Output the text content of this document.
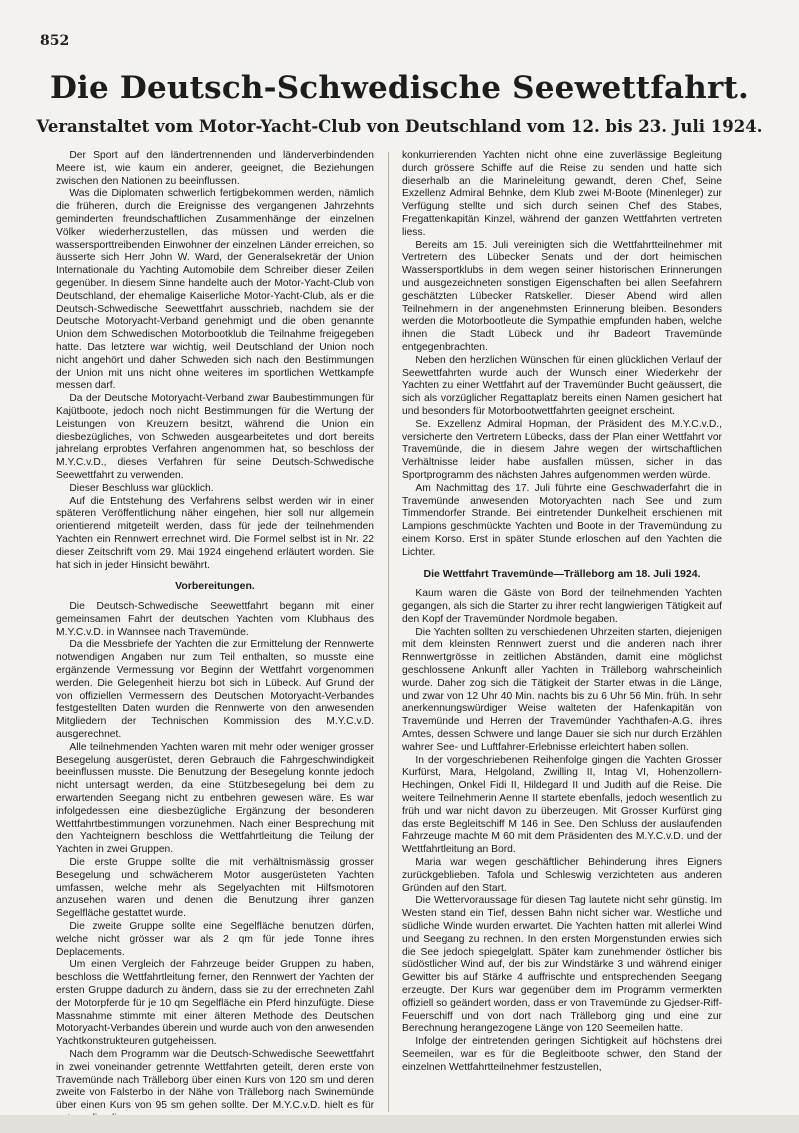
852
Die Deutsch-Schwedische Seewettfahrt.
Veranstaltet vom Motor-Yacht-Club von Deutschland vom 12. bis 23. Juli 1924.

Der Sport auf den ländertrennenden und länderverbindenden Meere ist, wie kaum ein anderer, geeignet, die Beziehungen zwischen den Nationen zu beeinflussen.

Was die Diplomaten schwerlich fertigbekommen werden, nämlich die früheren, durch die Ereignisse des vergangenen Jahrzehnts geminderten freundschaftlichen Zusammenhänge der einzelnen Völker wiederherzustellen, das müssen und werden die wassersporttreibenden Einwohner der einzelnen Länder erreichen, so äusserte sich Herr John W. Ward, der Generalsekretär der Union Internationale du Yachting Automobile dem Schreiber dieser Zeilen gegenüber. In diesem Sinne handelte auch der Motor-Yacht-Club von Deutschland, der ehemalige Kaiserliche Motor-Yacht-Club, als er die Deutsch-Schwedische Seewettfahrt ausschrieb, nachdem sie der Deutsche Motoryacht-Verband genehmigt und die oben genannte Union dem Schwedischen Motorbootklub die Teilnahme freigegeben hatte. Das letztere war wichtig, weil Deutschland der Union noch nicht angehört und daher Schweden sich nach den Bestimmungen der Union mit uns nicht ohne weiteres im sportlichen Wettkampfe messen darf.

Da der Deutsche Motoryacht-Verband zwar Baubestimmungen für Kajütboote, jedoch noch nicht Bestimmungen für die Wertung der Leistungen von Kreuzern besitzt, während die Union ein diesbezügliches, von Schweden ausgearbeitetes und dort bereits jahrelang erprobtes Verfahren angenommen hat, so beschloss der M.Y.C.v.D., dieses Verfahren für seine Deutsch-Schwedische Seewettfahrt zu verwenden.

Dieser Beschluss war glücklich.

Auf die Entstehung des Verfahrens selbst werden wir in einer späteren Veröffentlichung näher eingehen, hier soll nur allgemein orientierend mitgeteilt werden, dass für jede der teilnehmenden Yachten ein Rennwert errechnet wird. Die Formel selbst ist in Nr. 22 dieser Zeitschrift vom 29. Mai 1924 eingehend erläutert worden. Sie hat sich in jeder Hinsicht bewährt.

Vorbereitungen.

Die Deutsch-Schwedische Seewettfahrt begann mit einer gemeinsamen Fahrt der deutschen Yachten vom Klubhaus des M.Y.C.v.D. in Wannsee nach Travemünde.

Da die Messbriefe der Yachten die zur Ermittelung der Rennwerte notwendigen Angaben nur zum Teil enthalten, so musste eine ergänzende Vermessung vor Beginn der Wettfahrt vorgenommen werden. Die Gelegenheit hierzu bot sich in Lübeck. Auf Grund der von offiziellen Vermessern des Deutschen Motoryacht-Verbandes festgestellten Daten wurden die Rennwerte von den anwesenden Mitgliedern der Technischen Kommission des M.Y.C.v.D. ausgerechnet.

Alle teilnehmenden Yachten waren mit mehr oder weniger grosser Besegelung ausgerüstet, deren Gebrauch die Fahrgeschwindigkeit beeinflussen musste. Die Benutzung der Besegelung konnte jedoch nicht untersagt werden, da eine Stützbesegelung bei dem zu erwartenden Seegang nicht zu entbehren gewesen wäre. Es war infolgedessen eine diesbezügliche Ergänzung der besonderen Wettfahrtbestimmungen vorzunehmen. Nach einer Besprechung mit den Yachteignern beschloss die Wettfahrtleitung die Teilung der Yachten in zwei Gruppen.

Die erste Gruppe sollte die mit verhältnismässig grosser Besegelung und schwächerem Motor ausgerüsteten Yachten umfassen, welche mehr als Segelyachten mit Hilfsmotoren anzusehen waren und denen die Benutzung ihrer ganzen Segelfläche gestattet wurde.

Die zweite Gruppe sollte eine Segelfläche benutzen dürfen, welche nicht grösser war als 2 qm für jede Tonne ihres Deplacements.

Um einen Vergleich der Fahrzeuge beider Gruppen zu haben, beschloss die Wettfahrtleitung ferner, den Rennwert der Yachten der ersten Gruppe dadurch zu ändern, dass sie zu der errechneten Zahl der Motorpferde für je 10 qm Segelfläche ein Pferd hinzufügte. Diese Massnahme stimmte mit einer älteren Methode des Deutschen Motoryacht-Verbandes überein und wurde auch von den anwesenden Yachtkonstrukteuren gutgeheissen.

Nach dem Programm war die Deutsch-Schwedische Seewettfahrt in zwei voneinander getrennte Wettfahrten geteilt, deren erste von Travemünde nach Trälleborg über einen Kurs von 120 sm und deren zweite von Falsterbo in der Nähe von Trälleborg nach Swinemünde über einen Kurs von 95 sm gehen sollte. Der M.Y.C.v.D. hielt es für

konkurrierenden Yachten nicht ohne eine zuverlässige Begleitung durch grössere Schiffe auf die Reise zu senden und hatte sich dieserhalb an die Marineleitung gewandt, deren Chef, Seine Exzellenz Admiral Behnke, dem Klub zwei M-Boote (Minenleger) zur Verfügung stellte und sich durch seinen Chef des Stabes, Fregattenkapitän Kinzel, während der ganzen Wettfahrten vertreten liess.

Bereits am 15. Juli vereinigten sich die Wettfahrtteilnehmer mit Vertretern des Lübecker Senats und der dort heimischen Wassersportklubs in dem wegen seiner historischen Erinnerungen und ausgezeichneten sonstigen Eigenschaften bei allen Seefahrern geschätzten Lübecker Ratskeller. Dieser Abend wird allen Teilnehmern in der angenehmsten Erinnerung bleiben. Besonders werden die Motorbootleute die Sympathie empfunden haben, welche ihnen die Stadt Lübeck und ihr Badeort Travemünde entgegenbrachten.

Neben den herzlichen Wünschen für einen glücklichen Verlauf der Seewettfahrten wurde auch der Wunsch einer Wiederkehr der Yachten zu einer Wettfahrt auf der Travemünder Bucht geäussert, die sich als vorzüglicher Regattaplatz bereits einen Namen gesichert hat und besonders für Motorbootwettfahrten geeignet erscheint.

Se. Exzellenz Admiral Hopman, der Präsident des M.Y.C.v.D., versicherte den Vertretern Lübecks, dass der Plan einer Wettfahrt vor Travemünde, die in diesem Jahre wegen der wirtschaftlichen Verhältnisse leider habe ausfallen müssen, sicher in das Sportprogramm des nächsten Jahres aufgenommen werden würde.

Am Nachmittag des 17. Juli führte eine Geschwaderfahrt die in Travemünde anwesenden Motoryachten nach See und zum Timmendorfer Strande. Bei eintretender Dunkelheit erschienen mit Lampions geschmückte Yachten und Boote in der Travemündung zu einem Korso. Erst in später Stunde erloschen auf den Yachten die Lichter.

Die Wettfahrt Travemünde—Trälleborg am 18. Juli 1924.

Kaum waren die Gäste von Bord der teilnehmenden Yachten gegangen, als sich die Starter zu ihrer recht langwierigen Tätigkeit auf den Kopf der Travemünder Nordmole begaben.

Die Yachten sollten zu verschiedenen Uhrzeiten starten, diejenigen mit dem kleinsten Rennwert zuerst und die anderen nach ihrer Rennwertgrösse in zeitlichen Abständen, damit eine möglichst geschlossene Ankunft aller Yachten in Trälleborg wahrscheinlich wurde. Daher zog sich die Tätigkeit der Starter etwas in die Länge, und zwar von 12 Uhr 40 Min. nachts bis zu 6 Uhr 56 Min. früh. In sehr anerkennungswürdiger Weise walteten der Hafenkapitän von Travemünde und Herren der Travemünder Yachthafen-A.G. ihres Amtes, dessen Schwere und lange Dauer sie sich nur durch Erzählen wahrer See- und Luftfahrer-Erlebnisse erleichtert haben sollen.

In der vorgeschriebenen Reihenfolge gingen die Yachten Grosser Kurfürst, Mara, Helgoland, Zwilling II, Intag VI, Hohenzollern-Hechingen, Onkel Fidi II, Hildegard II und Judith auf die Reise. Die weitere Teilnehmerin Aenne II startete ebenfalls, jedoch wesentlich zu früh und war nicht davon zu überzeugen. Mit Grosser Kurfürst ging das erste Begleitschiff M 146 in See. Den Schluss der auslaufenden Fahrzeuge machte M 60 mit dem Präsidenten des M.Y.C.v.D. und der Wettfahrtleitung an Bord.

Maria war wegen geschäftlicher Behinderung ihres Eigners zurückgeblieben. Tafola und Schleswig verzichteten aus anderen Gründen auf den Start.

Die Wettervoraussage für diesen Tag lautete nicht sehr günstig. Im Westen stand ein Tief, dessen Bahn nicht sicher war. Westliche und südliche Winde wurden erwartet. Die Yachten hatten mit allerlei Wind und Seegang zu rechnen. In den ersten Morgenstunden erwies sich die See jedoch spiegelglatt. Später kam zunehmender östlicher bis südöstlicher Wind auf, der bis zur Windstärke 3 und während einiger Gewitter bis auf Stärke 4 auffrischte und entsprechenden Seegang erzeugte. Der Kurs war gegenüber dem im Programm vermerkten offiziell so geändert worden, dass er von Travemünde zu Gjedser-Riff-Feuerschiff und von dort nach Trälleborg ging und eine zur Berechnung herangezogene Länge von 120 Seemeilen hatte.

Infolge der eintretenden geringen Sichtigkeit auf höchstens drei Seemeilen, war es für die Begleitboote schwer, den Stand der einzelnen Wettfahrtteilnehmer festzustellen,
